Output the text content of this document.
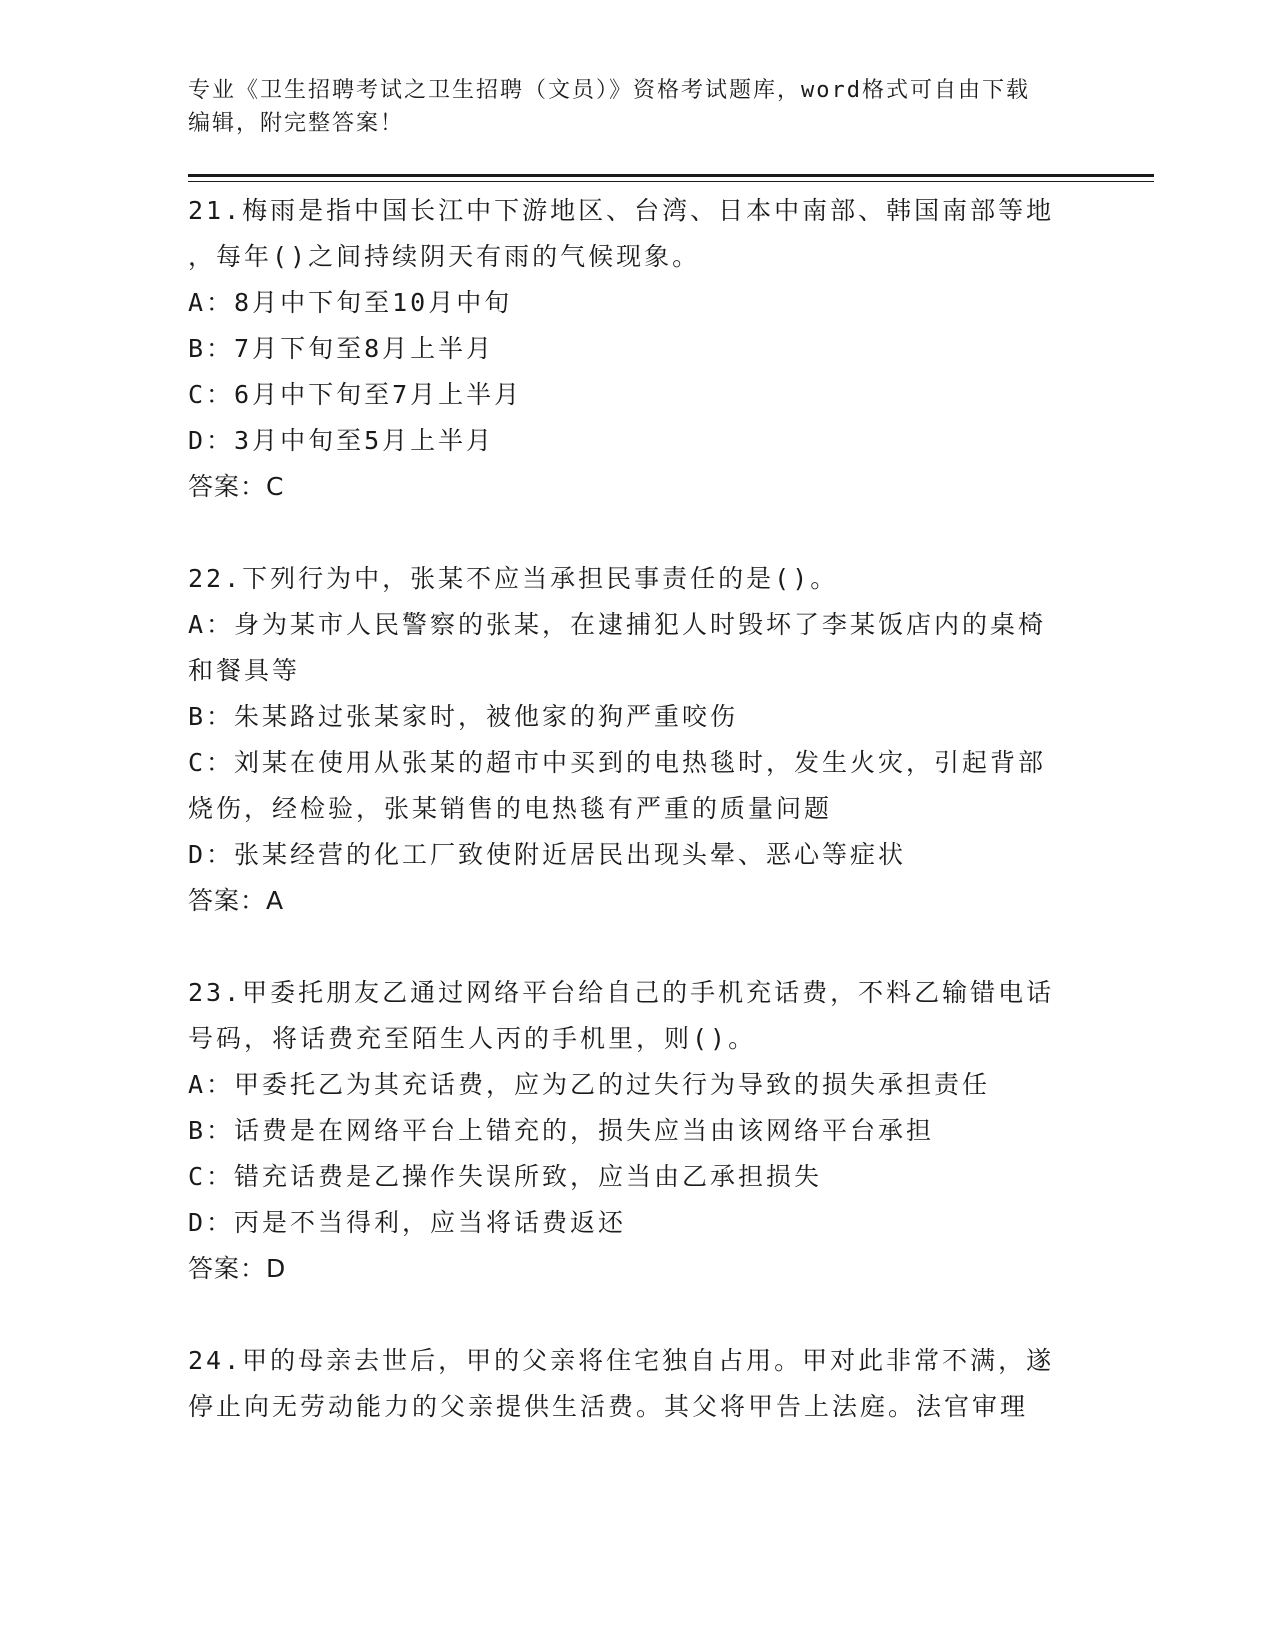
专业《卫生招聘考试之卫生招聘（文员）》资格考试题库，word格式可自由下载
编辑，附完整答案！

21.梅雨是指中国长江中下游地区、台湾、日本中南部、韩国南部等地

，每年()之间持续阴天有雨的气候现象。

A：8月中下旬至10月中旬

B：7月下旬至8月上半月

C：6月中下旬至7月上半月

D：3月中旬至5月上半月

答案：C

22.下列行为中，张某不应当承担民事责任的是()。

A：身为某市人民警察的张某，在逮捕犯人时毁坏了李某饭店内的桌椅

和餐具等

B：朱某路过张某家时，被他家的狗严重咬伤

C：刘某在使用从张某的超市中买到的电热毯时，发生火灾，引起背部

烧伤，经检验，张某销售的电热毯有严重的质量问题

D：张某经营的化工厂致使附近居民出现头晕、恶心等症状

答案：A

23.甲委托朋友乙通过网络平台给自己的手机充话费，不料乙输错电话

号码，将话费充至陌生人丙的手机里，则()。

A：甲委托乙为其充话费，应为乙的过失行为导致的损失承担责任

B：话费是在网络平台上错充的，损失应当由该网络平台承担

C：错充话费是乙操作失误所致，应当由乙承担损失

D：丙是不当得利，应当将话费返还

答案：D

24.甲的母亲去世后，甲的父亲将住宅独自占用。甲对此非常不满，遂

停止向无劳动能力的父亲提供生活费。其父将甲告上法庭。法官审理
